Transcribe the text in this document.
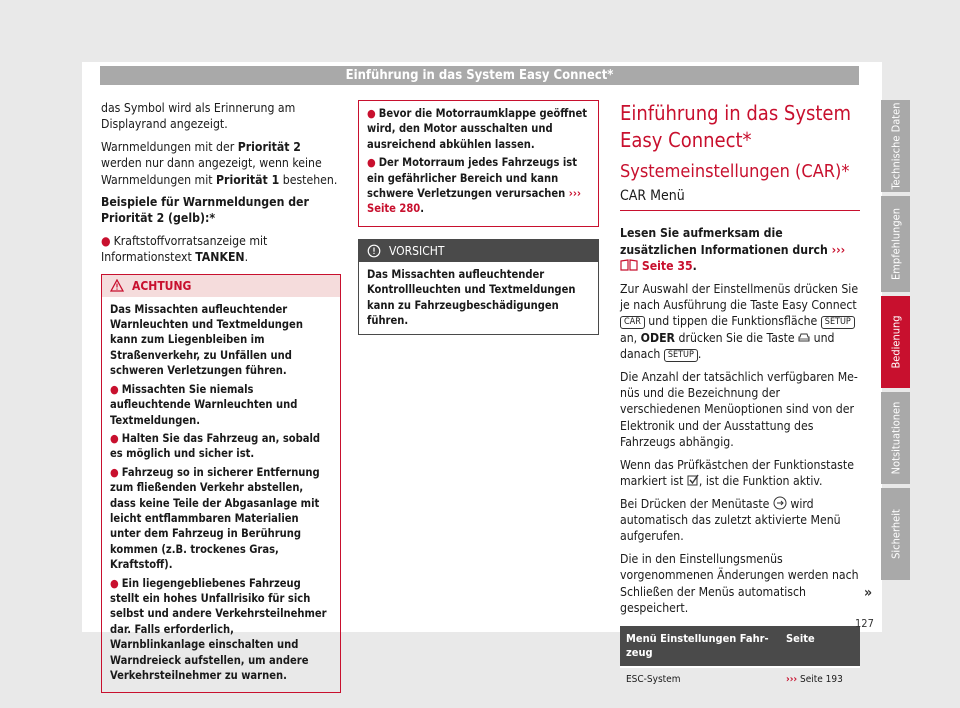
Einführung in das System Easy Connect*

das Symbol wird als Erinnerung am Displayrand angezeigt.

Warnmeldungen mit der Priorität 2 werden nur dann angezeigt, wenn keine Warnmeldungen mit Priorität 1 bestehen.

Beispiele für Warnmeldungen der Priorität 2 (gelb):*

● Kraftstoffvorratsanzeige mit Informationstext TANKEN.

ACHTUNG

Das Missachten aufleuchtender Warnleuchten und Textmeldungen kann zum Liegenbleiben im Straßenverkehr, zu Unfällen und schweren Verletzungen führen.

● Missachten Sie niemals aufleuchtende Warnleuchten und Textmeldungen.
● Halten Sie das Fahrzeug an, sobald es möglich und sicher ist.
● Fahrzeug so in sicherer Entfernung zum fließenden Verkehr abstellen, dass keine Teile der Abgasanlage mit leicht entflammbaren Materialien unter dem Fahrzeug in Berührung kommen (z.B. trockenes Gras, Kraftstoff).
● Ein liegengebliebenes Fahrzeug stellt ein hohes Unfallrisiko für sich selbst und andere Verkehrsteilnehmer dar. Falls erforderlich, Warnblinkanlage einschalten und Warndreieck aufstellen, um andere Verkehrsteilnehmer zu warnen.
● Bevor die Motorraumklappe geöffnet wird, den Motor ausschalten und ausreichend abkühlen lassen.
● Der Motorraum jedes Fahrzeugs ist ein gefährlicher Bereich und kann schwere Verletzungen verursachen ››› Seite 280.
VORSICHT
Das Missachten aufleuchtender Kontrollleuchten und Textmeldungen kann zu Fahrzeugbeschädigungen führen.
Einführung in das System Easy Connect*
Systemeinstellungen (CAR)*
CAR Menü

Lesen Sie aufmerksam die zusätzlichen Informationen durch ›››  Seite 35.

Zur Auswahl der Einstellmenüs drücken Sie je nach Ausführung die Taste Easy Connect CAR und tippen die Funktionsfläche SETUP an, ODER drücken Sie die Taste  und danach SETUP .

Die Anzahl der tatsächlich verfügbaren Menüs und die Bezeichnung der verschiedenen Menüoptionen sind von der Elektronik und der Ausstattung des Fahrzeugs abhängig.

Wenn das Prüfkästchen der Funktionstaste markiert ist , ist die Funktion aktiv.

Bei Drücken der Menütaste  wird automatisch das zuletzt aktivierte Menü aufgerufen.

Die in den Einstellungsmenüs vorgenommenen Änderungen werden nach Schließen der Menüs automatisch gespeichert.

Menü Einstellungen Fahrzeug	Seite
ESC-System	››› Seite 193
»
Technische Daten
Empfehlungen
Bedienung
Notsituationen
Sicherheit
127
